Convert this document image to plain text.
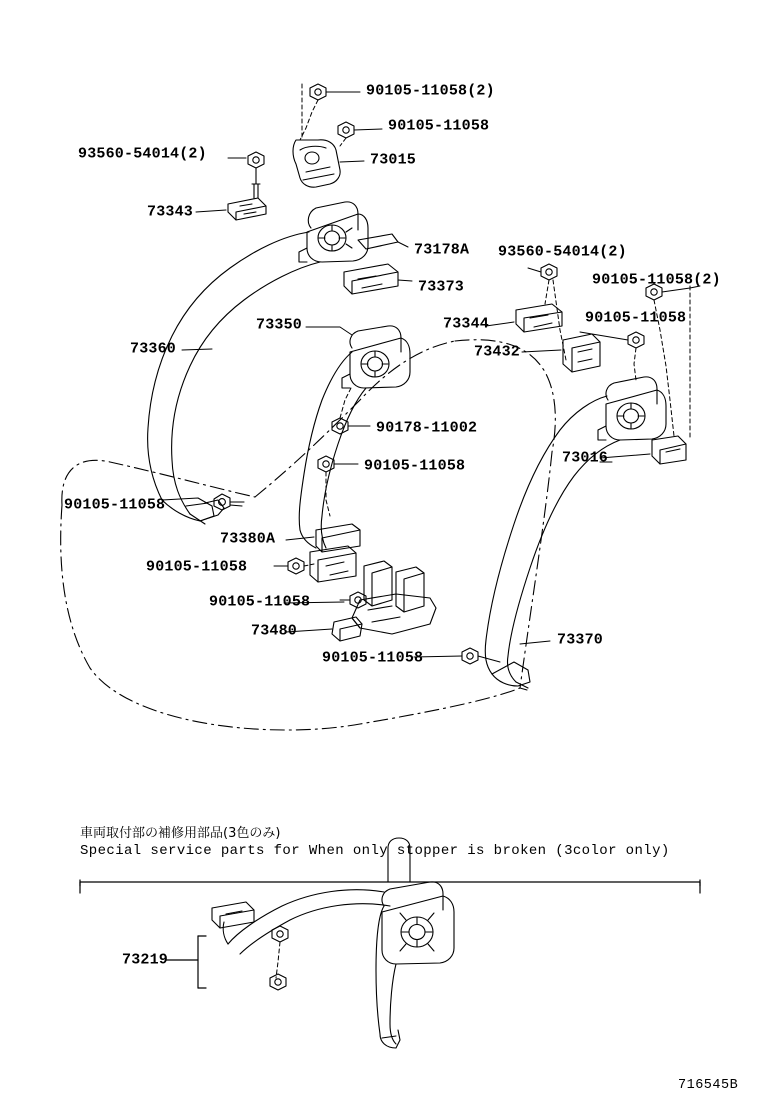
90105-11058(2)
90105-11058
73015
93560-54014(2)
73343
73178A
73373
93560-54014(2)
90105-11058(2)
73350	73344	90105-11058
73432
73360
90178-11002
73016
90105-11058
90105-11058
73380A
90105-11058
90105-11058
73480
73370
90105-11058
73219
車両取付部の補修用部品(3色のみ)
Special service parts for When only stopper is broken (3color only)
716545B
